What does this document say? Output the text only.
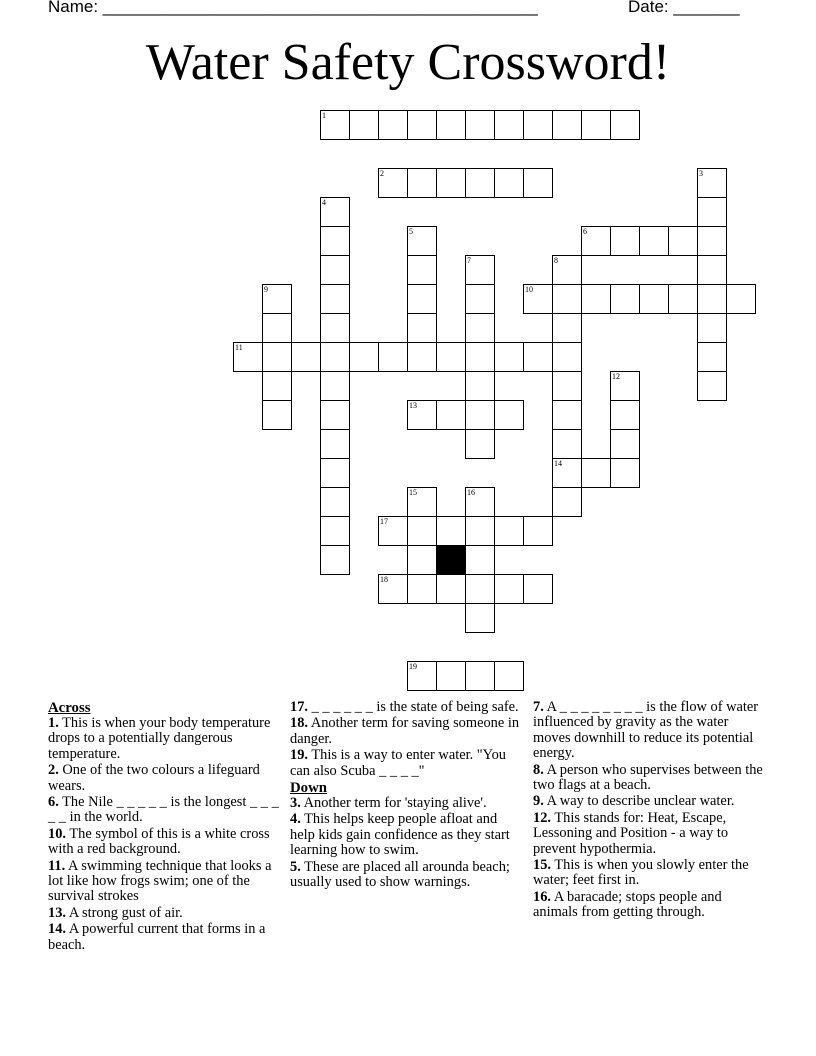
Name: ______________________________________________	Date: _______
Water Safety Crossword!
1
2	3
4
5	6
7	8
9	10
11
12
13
14
15	16
17
18
19

Across

1. This is when your body temperature drops to a potentially dangerous temperature.

2. One of the two colours a lifeguard wears.

6. The Nile _ _ _ _ _ is the longest _ _ _ _ _ in the world.

10. The symbol of this is a white cross with a red background.

11. A swimming technique that looks a lot like how frogs swim; one of the survival strokes

13. A strong gust of air.

14. A powerful current that forms in a beach.

17. _ _ _ _ _ _ is the state of being safe.

18. Another term for saving someone in danger.

19. This is a way to enter water. "You can also Scuba _ _ _ _"

Down

3. Another term for 'staying alive'.

4. This helps keep people afloat and help kids gain confidence as they start learning how to swim.

5. These are placed all arounda beach; usually used to show warnings.

7. A _ _ _ _ _ _ _ _ is the flow of water influenced by gravity as the water moves downhill to reduce its potential energy.

8. A person who supervises between the two flags at a beach.

9. A way to describe unclear water.

12. This stands for: Heat, Escape, Lessoning and Position - a way to prevent hypothermia.

15. This is when you slowly enter the water; feet first in.

16. A baracade; stops people and animals from getting through.
